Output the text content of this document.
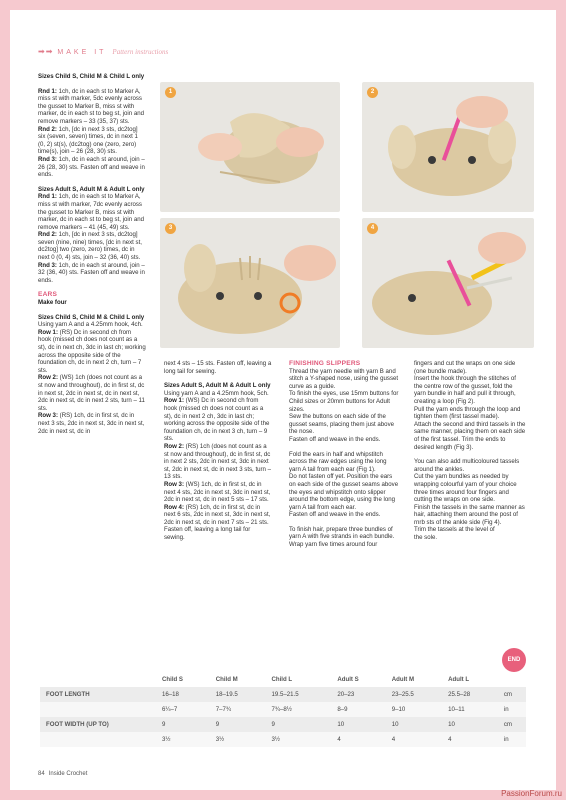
➡➡ MAKE IT Pattern instructions

Sizes Child S, Child M & Child L only

Rnd 1: 1ch, dc in each st to Marker A, miss st with marker, 5dc evenly across the gusset to Marker B, miss st with marker, dc in each st to beg st, join and remove markers – 33 (35, 37) sts.

Rnd 2: 1ch, [dc in next 3 sts, dc2tog] six (seven, seven) times, dc in next 1 (0, 2) st(s), (dc2tog) one (zero, zero) time(s), join – 26 (28, 30) sts.

Rnd 3: 1ch, dc in each st around, join – 26 (28, 30) sts. Fasten off and weave in ends.

Sizes Adult S, Adult M & Adult L only

Rnd 1: 1ch, dc in each st to Marker A, miss st with marker, 7dc evenly across the gusset to Marker B, miss st with marker, dc in each st to beg st, join and remove markers – 41 (45, 49) sts.

Rnd 2: 1ch, [dc in next 3 sts, dc2tog] seven (nine, nine) times, [dc in next st, dc2tog] two (zero, zero) times, dc in next 0 (0, 4) sts, join – 32 (36, 40) sts.

Rnd 3: 1ch, dc in each st around, join – 32 (36, 40) sts. Fasten off and weave in ends.

EARS

Make four

Sizes Child S, Child M & Child L only

Using yarn A and a 4.25mm hook, 4ch.

Row 1: (RS) Dc in second ch from hook (missed ch does not count as a st), dc in next ch, 3dc in last ch; working across the opposite side of the foundation ch, dc in next 2 ch, turn – 7 sts.

Row 2: (WS) 1ch (does not count as a st now and throughout), dc in first st, dc in next st, 2dc in next st, dc in next st, 2dc in next st, dc in next 2 sts, turn – 11 sts.

Row 3: (RS) 1ch, dc in first st, dc in next 3 sts, 2dc in next st, 3dc in next st, 2dc in next st, dc in

1	2
3	4

next 4 sts – 15 sts. Fasten off, leaving a long tail for sewing.

Sizes Adult S, Adult M & Adult L only

Using yarn A and a 4.25mm hook, 5ch.

Row 1: (WS) Dc in second ch from hook (missed ch does not count as a st), dc in next 2 ch, 3dc in last ch; working across the opposite side of the foundation ch, dc in next 3 ch, turn – 9 sts.

Row 2: (RS) 1ch (does not count as a st now and throughout), dc in first st, dc in next 2 sts, 2dc in next st, 3dc in next st, 2dc in next st, dc in next 3 sts, turn – 13 sts.

Row 3: (WS) 1ch, dc in first st, dc in next 4 sts, 2dc in next st, 3dc in next st, 2dc in next st, dc in next 5 sts – 17 sts.

Row 4: (RS) 1ch, dc in first st, dc in next 6 sts, 2dc in next st, 3dc in next st, 2dc in next st, dc in next 7 sts – 21 sts.

Fasten off, leaving a long tail for sewing.

FINISHING SLIPPERS

Thread the yarn needle with yarn B and stitch a Y-shaped nose, using the gusset curve as a guide.

To finish the eyes, use 15mm buttons for Child sizes or 20mm buttons for Adult sizes.

Sew the buttons on each side of the gusset seams, placing them just above the nose.

Fasten off and weave in the ends.

Fold the ears in half and whipstitch across the raw edges using the long yarn A tail from each ear (Fig 1).

Do not fasten off yet. Position the ears on each side of the gusset seams above the eyes and whipstitch onto slipper around the bottom edge, using the long yarn A tail from each ear.

Fasten off and weave in the ends.

To finish hair, prepare three bundles of yarn A with five strands in each bundle.

Wrap yarn five times around four

fingers and cut the wraps on one side (one bundle made).

Insert the hook through the stitches of the centre row of the gusset, fold the yarn bundle in half and pull it through, creating a loop (Fig 2).

Pull the yarn ends through the loop and tighten them (first tassel made).

Attach the second and third tassels in the same manner, placing them on each side of the first tassel. Trim the ends to desired length (Fig 3).

You can also add multicoloured tassels around the ankles.

Cut the yarn bundles as needed by wrapping colourful yarn of your choice three times around four fingers and cutting the wraps on one side.

Finish the tassels in the same manner as hair, attaching them around the post of rnrb sts of the ankle side (Fig 4).

Trim the tassels at the level of the sole.

END
	Child S	Child M	Child L	Adult S	Adult M	Adult L	
FOOT LENGTH	16–18	18–19.5	19.5–21.5	20–23	23–25.5	25.5–28	cm
	6¼–7	7–7¾	7¾–8½	8–9	9–10	10–11	in
FOOT WIDTH (UP TO)	9	9	9	10	10	10	cm
	3½	3½	3½	4	4	4	in
84 Inside Crochet
PassionForum.ru
